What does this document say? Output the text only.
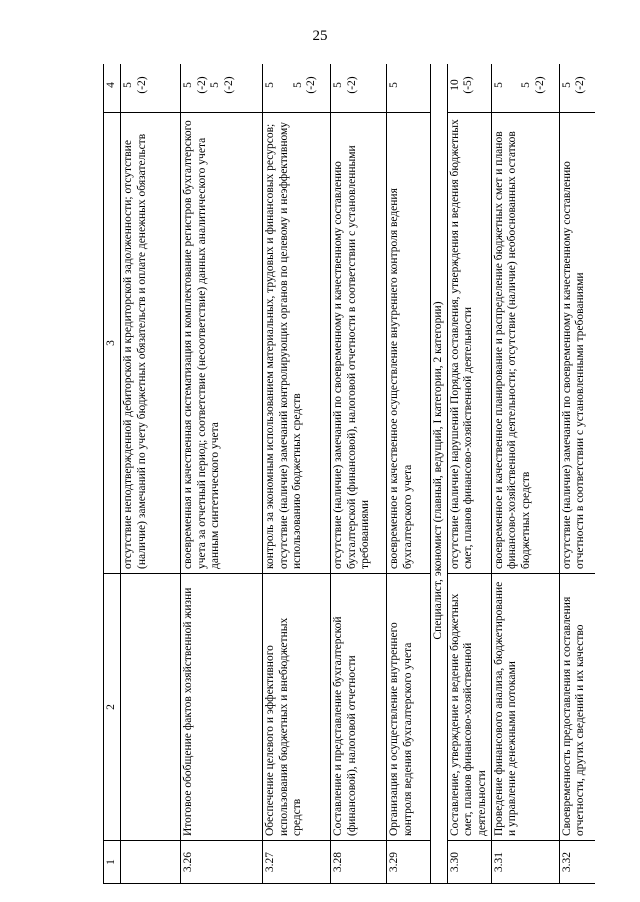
25
1	2	3	4
		отсутствие неподтвержденной дебиторской и кредиторской задолженности; отсутствие (наличие) замечаний по учету бюджетных обязательств и оплате денежных обязательств	5 (-2)

3.26	Итоговое обобщение фактов хозяйственной жизни	своевременная и качественная систематизация и комплектование регистров бухгалтерского учета за отчетный период; соответствие (несоответствие) данных аналитического учета данным синтетического учета	5 (-2) 5 (-2)

3.27	Обеспечение целевого и эффективного использования бюджетных и внебюджетных средств	контроль за экономным использованием материальных, трудовых и финансовых ресурсов; отсутствие (наличие) замечаний контролирующих органов по целевому и неэффективному использованию бюджетных средств	5 5 (-2)

3.28	Составление и представление бухгалтерской (финансовой), налоговой отчетности	отсутствие (наличие) замечаний по своевременному и качественному составлению бухгалтерской (финансовой), налоговой отчетности в соответствии с установленными требованиями	5 (-2)

3.29	Организация и осуществление внутреннего контроля ведения бухгалтерского учета	своевременное и качественное осуществление внутреннего контроля ведения бухгалтерского учета	5

Специалист, экономист (главный, ведущий, I категории, 2 категории)			
3.30	Составление, утверждение и ведение бюджетных смет, планов финансово-хозяйственной деятельности	отсутствие (наличие) нарушений Порядка составления, утверждения и ведения бюджетных смет, планов финансово-хозяйственной деятельности	10 (-5)

3.31	Проведение финансового анализа, бюджетирование и управление денежными потоками	своевременное и качественное планирование и распределение бюджетных смет и планов финансово-хозяйственной деятельности; отсутствие (наличие) необоснованных остатков бюджетных средств	5 5 (-2)

3.32	Своевременность предоставления и составления отчетности, других сведений и их качество	отсутствие (наличие) замечаний по своевременному и качественному составлению отчетности в соответствии с установленными требованиями	5 (-2)
